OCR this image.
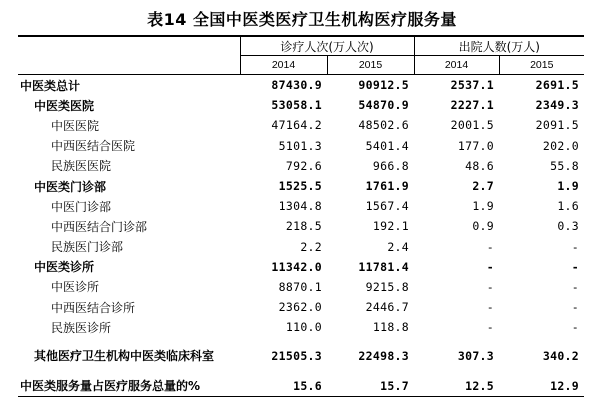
表14 全国中医类医疗卫生机构医疗服务量
	诊疗人次(万人次)		出院人数(万人)	
	2014	2015	2014	2015
中医类总计	87430.9	90912.5	2537.1	2691.5
中医类医院	53058.1	54870.9	2227.1	2349.3
中医医院	47164.2	48502.6	2001.5	2091.5
中西医结合医院	5101.3	5401.4	177.0	202.0
民族医医院	792.6	966.8	48.6	55.8
中医类门诊部	1525.5	1761.9	2.7	1.9
中医门诊部	1304.8	1567.4	1.9	1.6
中西医结合门诊部	218.5	192.1	0.9	0.3
民族医门诊部	2.2	2.4	-	-
中医类诊所	11342.0	11781.4	-	-
中医诊所	8870.1	9215.8	-	-
中西医结合诊所	2362.0	2446.7	-	-
民族医诊所	110.0	118.8	-	-
其他医疗卫生机构中医类临床科室	21505.3	22498.3	307.3	340.2
中医类服务量占医疗服务总量的%	15.6	15.7	12.5	12.9
